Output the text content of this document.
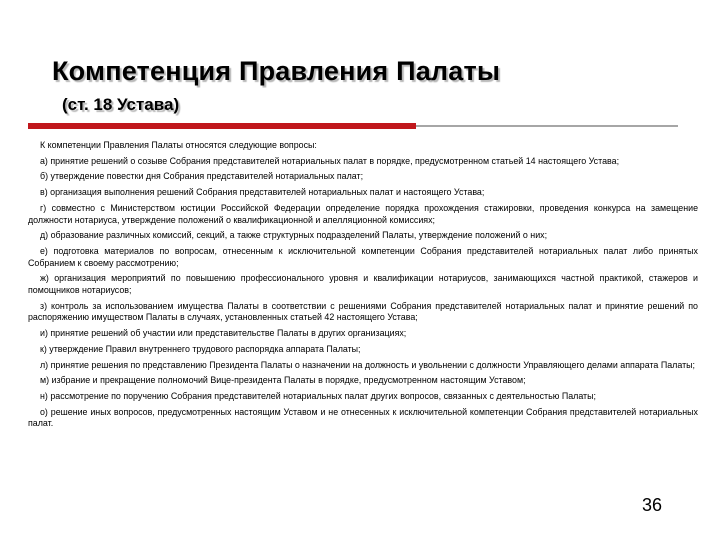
Компетенция Правления Палаты
(ст. 18 Устава)

К компетенции Правления Палаты относятся следующие вопросы:

а) принятие решений о созыве Собрания представителей нотариальных палат в порядке, предусмотренном статьей 14 настоящего Устава;

б) утверждение повестки дня Собрания представителей нотариальных палат;

в) организация выполнения решений Собрания представителей нотариальных палат и настоящего Устава;

г) совместно с Министерством юстиции Российской Федерации определение порядка прохождения стажировки, проведения конкурса на замещение должности нотариуса, утверждение положений о квалификационной и апелляционной комиссиях;

д) образование различных комиссий, секций, а также структурных подразделений Палаты, утверждение положений о них;

е) подготовка материалов по вопросам, отнесенным к исключительной компетенции Собрания представителей нотариальных палат либо принятых Собранием к своему рассмотрению;

ж) организация мероприятий по повышению профессионального уровня и квалификации нотариусов, занимающихся частной практикой, стажеров и помощников нотариусов;

з) контроль за использованием имущества Палаты в соответствии с решениями Собрания представителей нотариальных палат и принятие решений по распоряжению имуществом Палаты в случаях, установленных статьей 42 настоящего Устава;

и) принятие решений об участии или представительстве Палаты в других организациях;

к) утверждение Правил внутреннего трудового распорядка аппарата Палаты;

л) принятие решения по представлению Президента Палаты о назначении на должность и увольнении с должности Управляющего делами аппарата Палаты;

м) избрание и прекращение полномочий Вице-президента Палаты в порядке, предусмотренном настоящим Уставом;

н) рассмотрение по поручению Собрания представителей нотариальных палат других вопросов, связанных с деятельностью Палаты;

о) решение иных вопросов, предусмотренных настоящим Уставом и не отнесенных к исключительной компетенции Собрания представителей нотариальных палат.

36
